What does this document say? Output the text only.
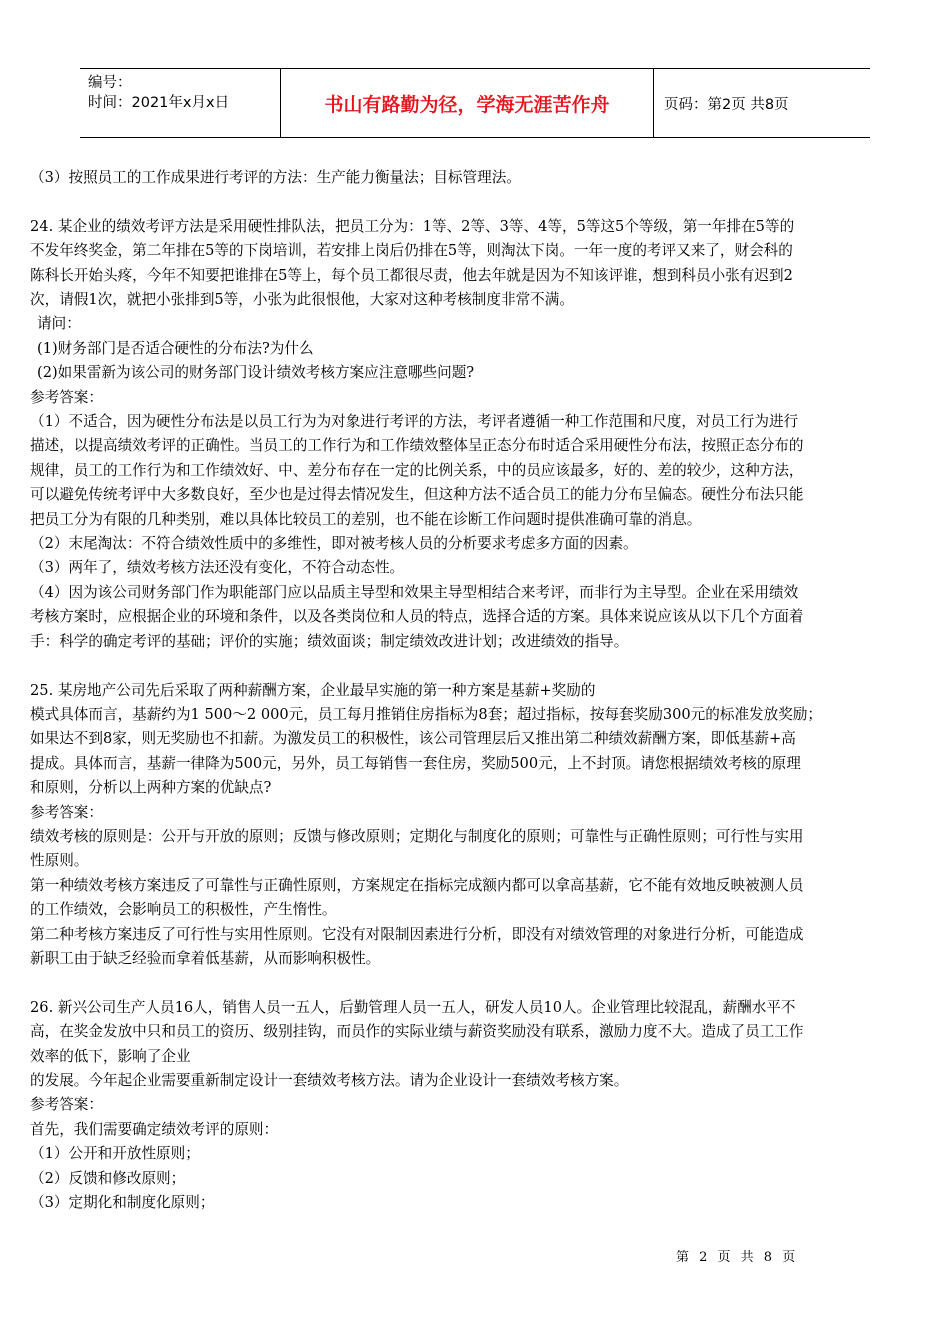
编号：
时间：2021年x月x日	书山有路勤为径，学海无涯苦作舟	页码：第2页 共8页

（3）按照员工的工作成果进行考评的方法：生产能力衡量法；目标管理法。

24. 某企业的绩效考评方法是采用硬性排队法，把员工分为：1等、2等、3等、4等，5等这5个等级，第一年排在5等的

不发年终奖金，第二年排在5等的下岗培训，若安排上岗后仍排在5等，则淘汰下岗。一年一度的考评又来了，财会科的

陈科长开始头疼，今年不知要把谁排在5等上，每个员工都很尽责，他去年就是因为不知该评谁，想到科员小张有迟到2

次，请假1次，就把小张排到5等，小张为此很恨他，大家对这种考核制度非常不满。

请问：

(1)财务部门是否适合硬性的分布法?为什么

(2)如果雷新为该公司的财务部门设计绩效考核方案应注意哪些问题?

参考答案：

（1）不适合，因为硬性分布法是以员工行为为对象进行考评的方法，考评者遵循一种工作范围和尺度，对员工行为进行

描述，以提高绩效考评的正确性。当员工的工作行为和工作绩效整体呈正态分布时适合采用硬性分布法，按照正态分布的

规律，员工的工作行为和工作绩效好、中、差分布存在一定的比例关系，中的员应该最多，好的、差的较少，这种方法，

可以避免传统考评中大多数良好，至少也是过得去情况发生，但这种方法不适合员工的能力分布呈偏态。硬性分布法只能

把员工分为有限的几种类别，难以具体比较员工的差别，也不能在诊断工作问题时提供准确可靠的消息。

（2）末尾淘汰：不符合绩效性质中的多维性，即对被考核人员的分析要求考虑多方面的因素。

（3）两年了，绩效考核方法还没有变化，不符合动态性。

（4）因为该公司财务部门作为职能部门应以品质主导型和效果主导型相结合来考评，而非行为主导型。企业在采用绩效

考核方案时，应根据企业的环境和条件，以及各类岗位和人员的特点，选择合适的方案。具体来说应该从以下几个方面着

手：科学的确定考评的基础；评价的实施；绩效面谈；制定绩效改进计划；改进绩效的指导。

25. 某房地产公司先后采取了两种薪酬方案，企业最早实施的第一种方案是基薪+奖励的

模式具体而言，基薪约为1 500～2 000元，员工每月推销住房指标为8套；超过指标，按每套奖励300元的标准发放奖励；

如果达不到8家，则无奖励也不扣薪。为激发员工的积极性，该公司管理层后又推出第二种绩效薪酬方案，即低基薪+高

提成。具体而言，基薪一律降为500元，另外，员工每销售一套住房，奖励500元，上不封顶。请您根据绩效考核的原理

和原则，分析以上两种方案的优缺点?

参考答案：

绩效考核的原则是：公开与开放的原则；反馈与修改原则；定期化与制度化的原则；可靠性与正确性原则；可行性与实用

性原则。

第一种绩效考核方案违反了可靠性与正确性原则，方案规定在指标完成额内都可以拿高基薪，它不能有效地反映被测人员

的工作绩效，会影响员工的积极性，产生惰性。

第二种考核方案违反了可行性与实用性原则。它没有对限制因素进行分析，即没有对绩效管理的对象进行分析，可能造成

新职工由于缺乏经验而拿着低基薪，从而影响积极性。

26. 新兴公司生产人员16人，销售人员一五人，后勤管理人员一五人，研发人员10人。企业管理比较混乱，薪酬水平不

高，在奖金发放中只和员工的资历、级别挂钩，而员作的实际业绩与薪资奖励没有联系，激励力度不大。造成了员工工作

效率的低下，影响了企业

的发展。今年起企业需要重新制定设计一套绩效考核方法。请为企业设计一套绩效考核方案。

参考答案：

首先，我们需要确定绩效考评的原则：

（1）公开和开放性原则；

（2）反馈和修改原则；

（3）定期化和制度化原则；

第 2 页 共 8 页
